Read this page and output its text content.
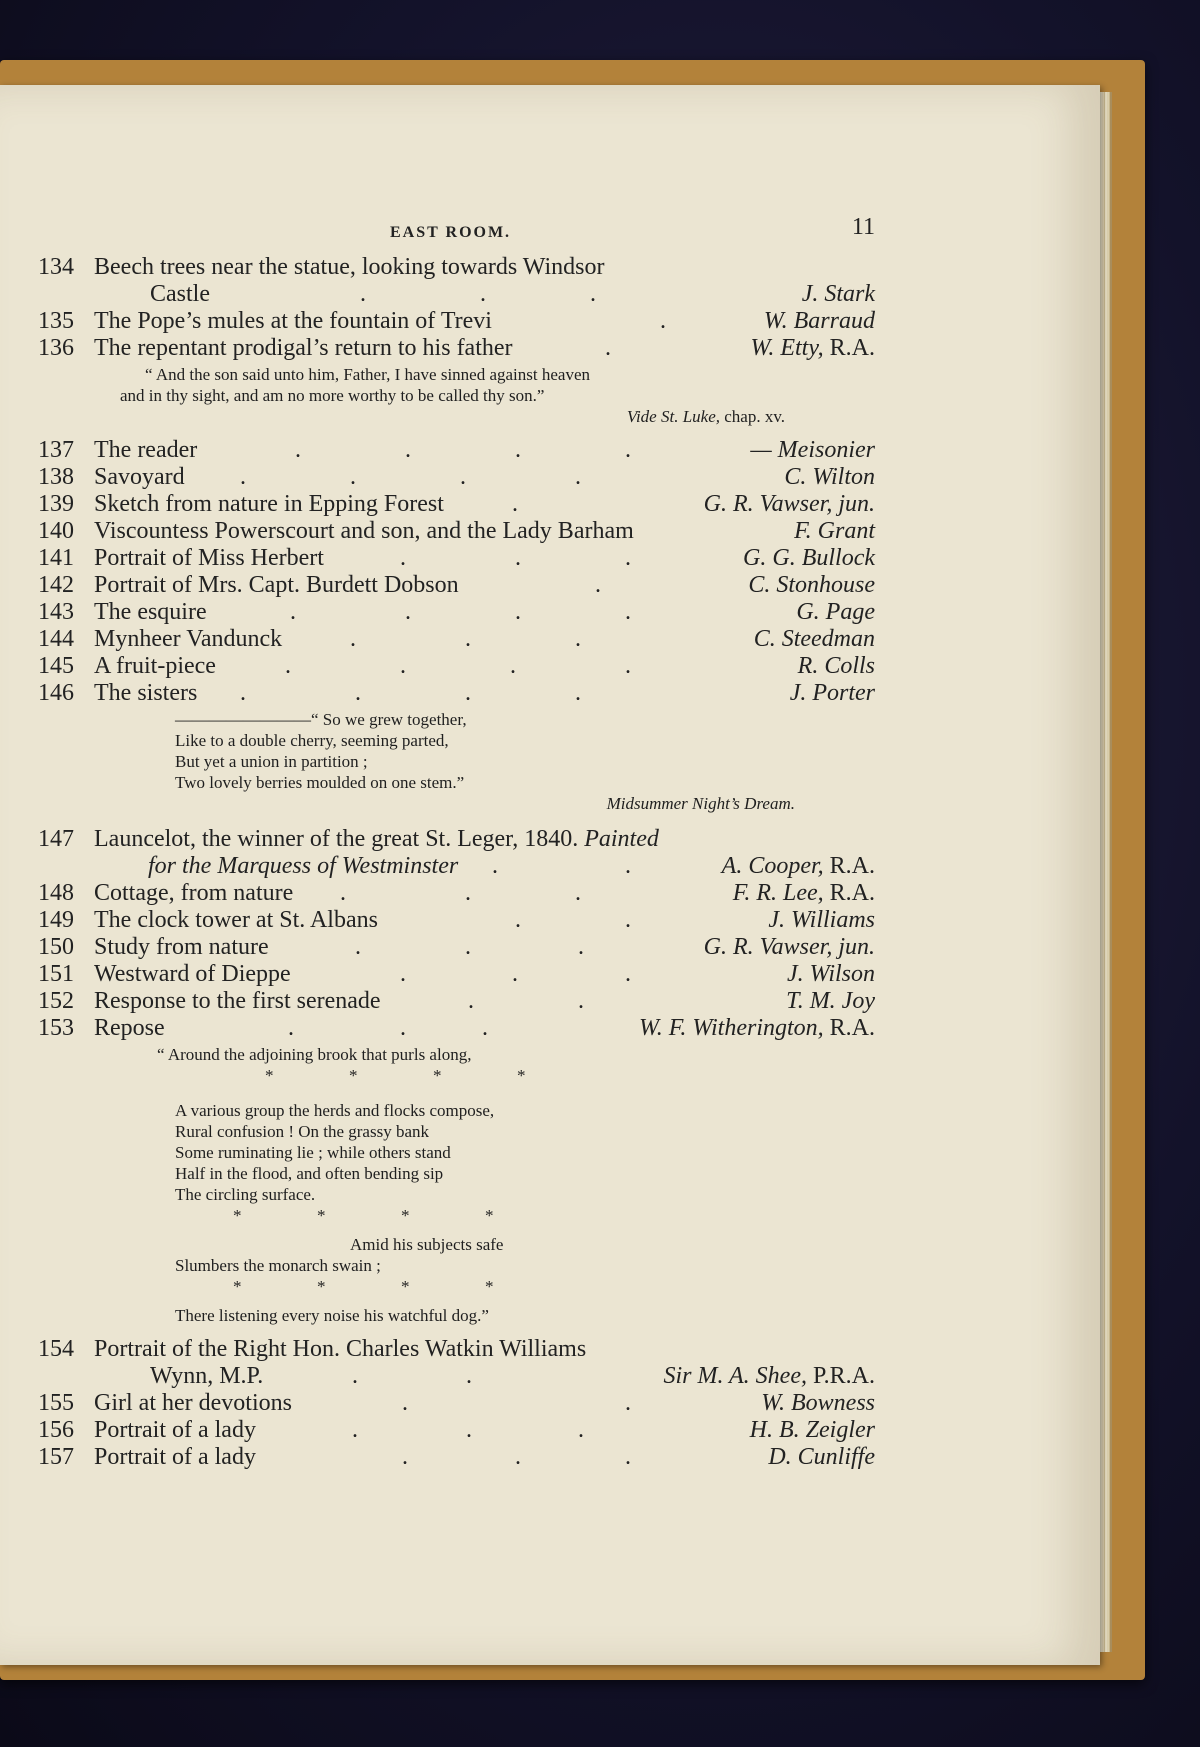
EAST ROOM.	11
134 Beech trees near the statue, looking towards Windsor
Castle	.	.	.	J. Stark
135 The Pope’s mules at the fountain of Trevi	.	W. Barraud
136 The repentant prodigal’s return to his father	.	W. Etty, R.A.
“ And the son said unto him, Father, I have sinned against heaven
and in thy sight, and am no more worthy to be called thy son.”
Vide St. Luke, chap. xv.
137 The reader	.	.	.	.	— Meisonier
138 Savoyard .	.	.	.	C. Wilton
139 Sketch from nature in Epping Forest	.	G. R. Vawser, jun.
140 Viscountess Powerscourt and son, and the Lady Barham	F. Grant
141 Portrait of Miss Herbert	.	.	.	G. G. Bullock
142 Portrait of Mrs. Capt. Burdett Dobson	.	C. Stonhouse
143 The esquire	.	.	.	.	G. Page
144 Mynheer Vandunck	.	.	.	C. Steedman
145 A fruit-piece	.	.	.	.	R. Colls
146 The sisters .	.	.	.	J. Porter
————————“ So we grew together,
Like to a double cherry, seeming parted,
But yet a union in partition ;
Two lovely berries moulded on one stem.”
Midsummer Night’s Dream.
147 Launcelot, the winner of the great St. Leger, 1840. Painted
for the Marquess of Westminster .	.	A. Cooper, R.A.
148 Cottage, from nature .	.	.	F. R. Lee, R.A.
149 The clock tower at St. Albans	.	.	J. Williams
150 Study from nature	.	.	.	G. R. Vawser, jun.
151 Westward of Dieppe	.	.	.	J. Wilson
152 Response to the first serenade	.	.	T. M. Joy
153 Repose	.	.	.	W. F. Witherington, R.A.
“ Around the adjoining brook that purls along,
*	*	*	*
A various group the herds and flocks compose,
Rural confusion ! On the grassy bank
Some ruminating lie ; while others stand
Half in the flood, and often bending sip
The circling surface.
*	*	*	*
Amid his subjects safe
Slumbers the monarch swain ;
*	*	*	*
There listening every noise his watchful dog.”
154 Portrait of the Right Hon. Charles Watkin Williams
Wynn, M.P.	.	.	Sir M. A. Shee, P.R.A.
155 Girl at her devotions	.	.	W. Bowness
156 Portrait of a lady	.	.	.	H. B. Zeigler
157 Portrait of a lady	.	.	.	D. Cunliffe
